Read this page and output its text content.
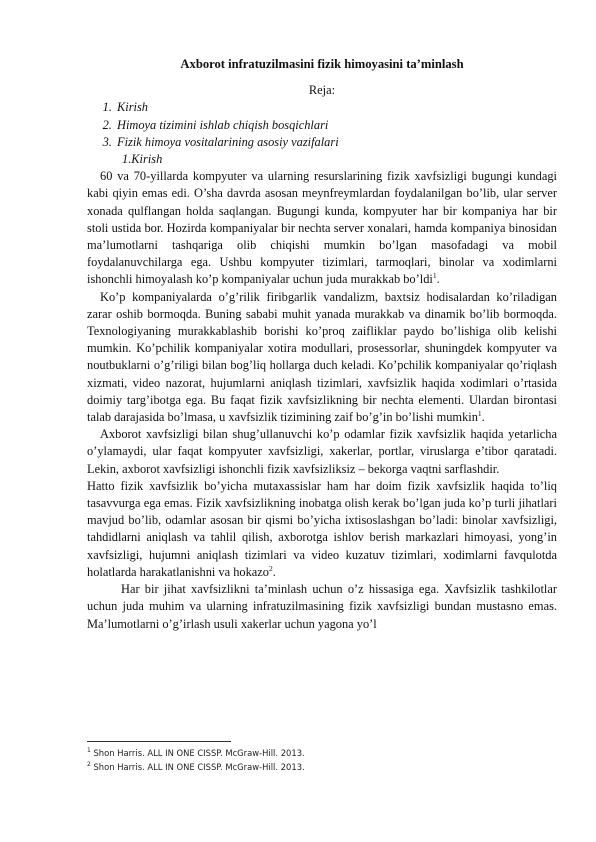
Axborot infratuzilmasini fizik himoyasini ta’minlash

Reja:

1. Kirish
2. Himoya tizimini ishlab chiqish bosqichlari
3. Fizik himoya vositalarining asosiy vazifalari

1.Kirish

60 va 70-yillarda kompyuter va ularning resurslarining fizik xavfsizligi bugungi kundagi kabi qiyin emas edi. O’sha davrda asosan meynfreymlardan foydalanilgan bo’lib, ular server xonada qulflangan holda saqlangan. Bugungi kunda, kompyuter har bir kompaniya har bir stoli ustida bor. Hozirda kompaniyalar bir nechta server xonalari, hamda kompaniya binosidan ma’lumotlarni tashqariga olib chiqishi mumkin bo’lgan masofadagi va mobil foydalanuvchilarga ega. Ushbu kompyuter tizimlari, tarmoqlari, binolar va xodimlarni ishonchli himoyalash ko’p kompaniyalar uchun juda murakkab bo’ldi$^1$.

Ko’p kompaniyalarda o’g’rilik firibgarlik vandalizm, baxtsiz hodisalardan ko’riladigan zarar oshib bormoqda. Buning sababi muhit yanada murakkab va dinamik bo’lib bormoqda. Texnologiyaning murakkablashib borishi ko’proq zaifliklar paydo bo’lishiga olib kelishi mumkin. Ko’pchilik kompaniyalar xotira modullari, prosessorlar, shuningdek kompyuter va noutbuklarni o’g’riligi bilan bog’liq hollarga duch keladi. Ko’pchilik kompaniyalar qo’riqlash xizmati, video nazorat, hujumlarni aniqlash tizimlari, xavfsizlik haqida xodimlari o’rtasida doimiy targ’ibotga ega. Bu faqat fizik xavfsizlikning bir nechta elementi. Ulardan birontasi talab darajasida bo’lmasa, u xavfsizlik tizimining zaif bo’g’in bo’lishi mumkin$^1$.

Axborot xavfsizligi bilan shug’ullanuvchi ko’p odamlar fizik xavfsizlik haqida yetarlicha o’ylamaydi, ular faqat kompyuter xavfsizligi, xakerlar, portlar, viruslarga e’tibor qaratadi. Lekin, axborot xavfsizligi ishonchli fizik xavfsizliksiz – bekorga vaqtni sarflashdir.

Hatto fizik xavfsizlik bo’yicha mutaxassislar ham har doim fizik xavfsizlik haqida to’liq tasavvurga ega emas. Fizik xavfsizlikning inobatga olish kerak bo’lgan juda ko’p turli jihatlari mavjud bo’lib, odamlar asosan bir qismi bo’yicha ixtisoslashgan bo’ladi: binolar xavfsizligi, tahdidlarni aniqlash va tahlil qilish, axborotga ishlov berish markazlari himoyasi, yong’in xavfsizligi, hujumni aniqlash tizimlari va video kuzatuv tizimlari, xodimlarni favqulotda holatlarda harakatlanishni va hokazo$^2$.

Har bir jihat xavfsizlikni ta’minlash uchun o’z hissasiga ega. Xavfsizlik tashkilotlar uchun juda muhim va ularning infratuzilmasining fizik xavfsizligi bundan mustasno emas. Ma’lumotlarni o’g’irlash usuli xakerlar uchun yagona yo’l

$^1$ Shon Harris. ALL IN ONE CISSP. McGraw-Hill. 2013.

$^2$ Shon Harris. ALL IN ONE CISSP. McGraw-Hill. 2013.
